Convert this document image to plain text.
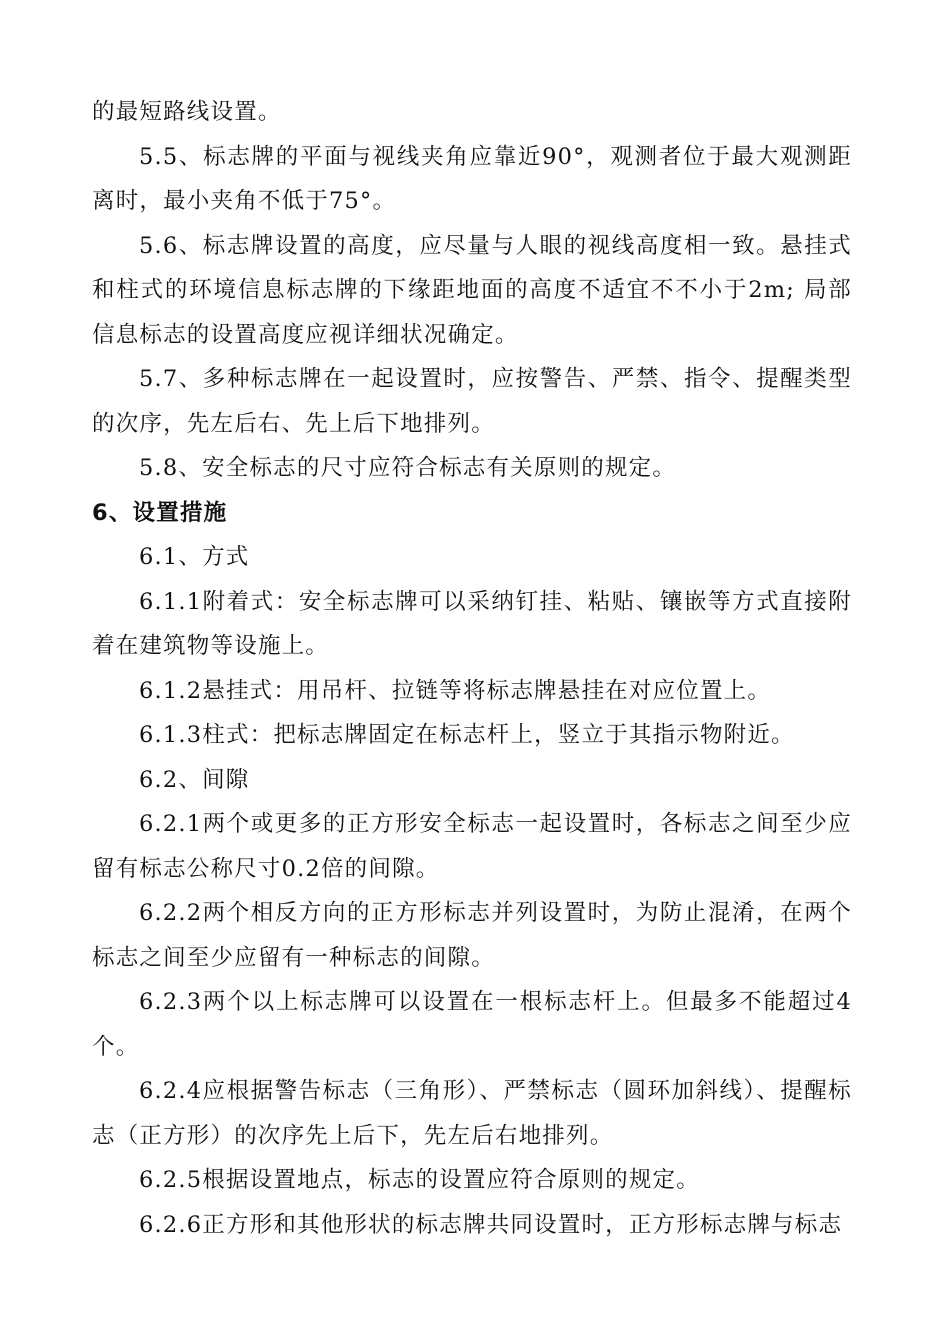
的最短路线设置。

5.5、标志牌的平面与视线夹角应靠近90°，观测者位于最大观测距离时，最小夹角不低于75°。

5.6、标志牌设置的高度，应尽量与人眼的视线高度相一致。悬挂式和柱式的环境信息标志牌的下缘距地面的高度不适宜不不小于2m; 局部信息标志的设置高度应视详细状况确定。

5.7、多种标志牌在一起设置时，应按警告、严禁、指令、提醒类型的次序，先左后右、先上后下地排列。

5.8、安全标志的尺寸应符合标志有关原则的规定。

6、设置措施

6.1、方式

6.1.1附着式：安全标志牌可以采纳钉挂、粘贴、镶嵌等方式直接附着在建筑物等设施上。

6.1.2悬挂式：用吊杆、拉链等将标志牌悬挂在对应位置上。

6.1.3柱式：把标志牌固定在标志杆上，竖立于其指示物附近。

6.2、间隙

6.2.1两个或更多的正方形安全标志一起设置时，各标志之间至少应留有标志公称尺寸0.2倍的间隙。

6.2.2两个相反方向的正方形标志并列设置时，为防止混淆，在两个标志之间至少应留有一种标志的间隙。

6.2.3两个以上标志牌可以设置在一根标志杆上。但最多不能超过4个。

6.2.4应根据警告标志（三角形）、严禁标志（圆环加斜线）、提醒标志（正方形）的次序先上后下，先左后右地排列。

6.2.5根据设置地点，标志的设置应符合原则的规定。

6.2.6正方形和其他形状的标志牌共同设置时，正方形标志牌与标志
